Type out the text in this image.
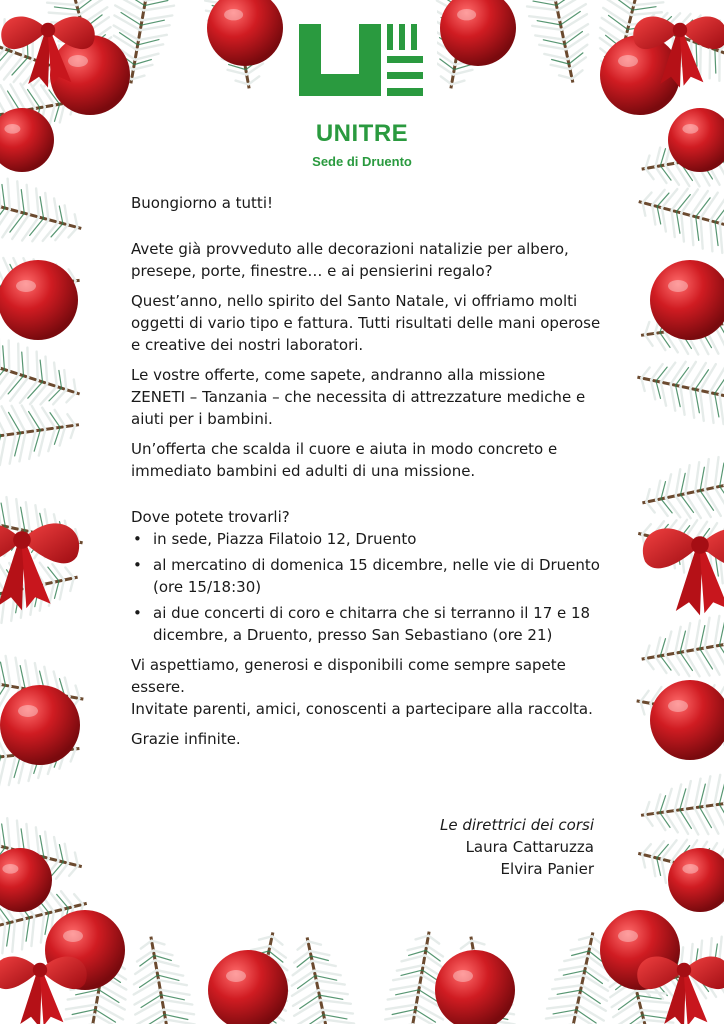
UNITRE
Sede di Druento

Buongiorno a tutti!

Avete già provveduto alle decorazioni natalizie per albero, presepe, porte, finestre… e ai pensierini regalo?

Quest’anno, nello spirito del Santo Natale, vi offriamo molti oggetti di vario tipo e fattura. Tutti risultati delle mani operose e creative dei nostri laboratori.

Le vostre offerte, come sapete, andranno alla missione ZENETI – Tanzania – che necessita di attrezzature mediche e aiuti per i bambini.

Un’offerta che scalda il cuore e aiuta in modo concreto e immediato bambini ed adulti di una missione.

Dove potete trovarli?

• in sede, Piazza Filatoio 12, Druento
• al mercatino di domenica 15 dicembre, nelle vie di Druento (ore 15/18:30)
• ai due concerti di coro e chitarra che si terranno il 17 e 18 dicembre, a Druento, presso San Sebastiano (ore 21)

Vi aspettiamo, generosi e disponibili come sempre sapete essere.

Invitate parenti, amici, conoscenti a partecipare alla raccolta.

Grazie infinite.

Le direttrici dei corsi
Laura Cattaruzza
Elvira Panier
